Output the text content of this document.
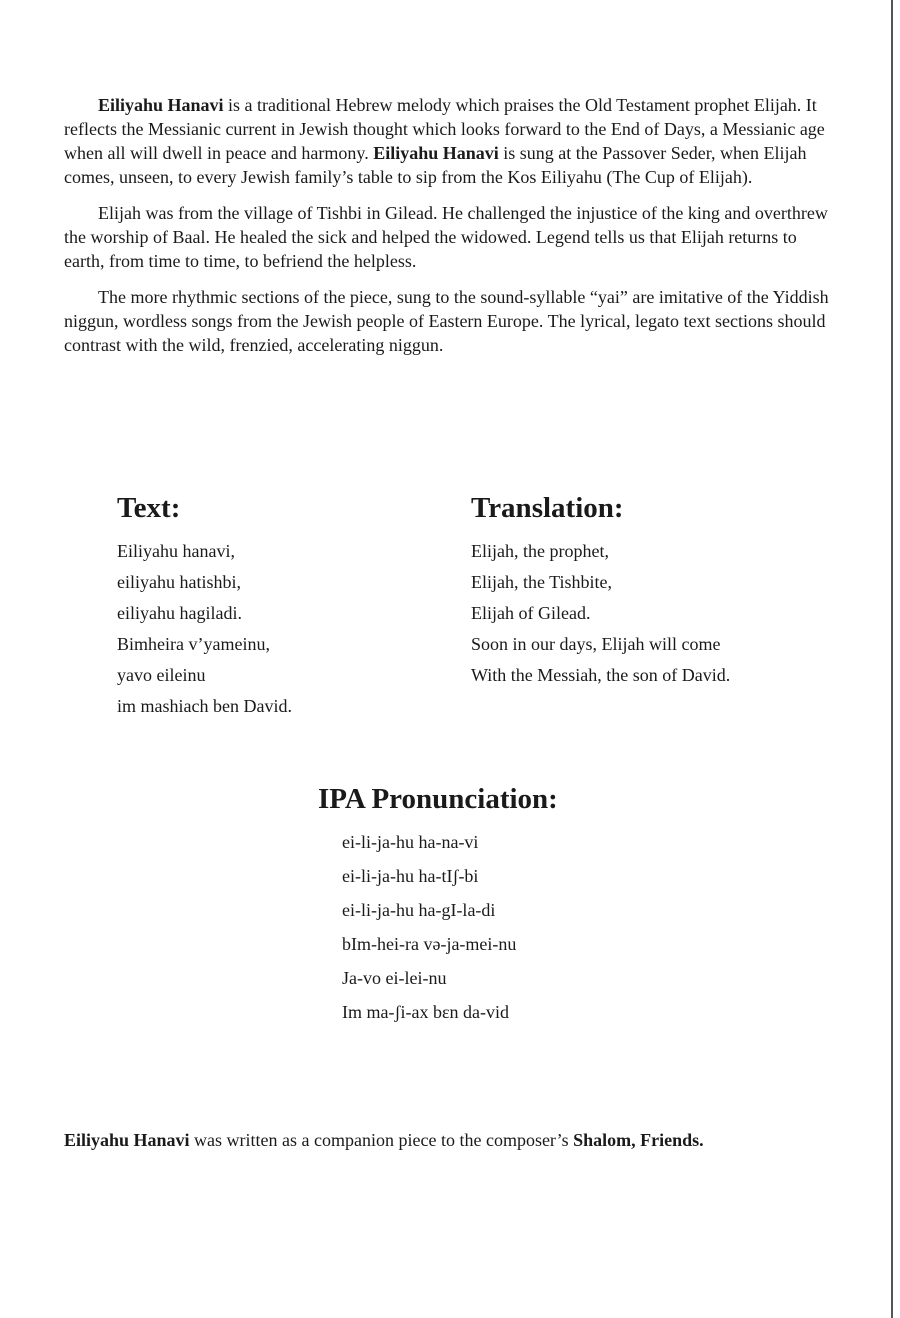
Eiliyahu Hanavi is a traditional Hebrew melody which praises the Old Testament prophet Elijah. It reflects the Messianic current in Jewish thought which looks forward to the End of Days, a Messianic age when all will dwell in peace and harmony. Eiliyahu Hanavi is sung at the Passover Seder, when Elijah comes, unseen, to every Jewish family’s table to sip from the Kos Eiliyahu (The Cup of Elijah).

Elijah was from the village of Tishbi in Gilead. He challenged the injustice of the king and overthrew the worship of Baal. He healed the sick and helped the widowed. Legend tells us that Elijah returns to earth, from time to time, to befriend the helpless.

The more rhythmic sections of the piece, sung to the sound-syllable “yai” are imitative of the Yiddish niggun, wordless songs from the Jewish people of Eastern Europe. The lyrical, legato text sections should contrast with the wild, frenzied, accelerating niggun.

Text:
Eiliyahu hanavi,
eiliyahu hatishbi,
eiliyahu hagiladi.
Bimheira v’yameinu,
yavo eileinu
im mashiach ben David.
Translation:
Elijah, the prophet,
Elijah, the Tishbite,
Elijah of Gilead.
Soon in our days, Elijah will come
With the Messiah, the son of David.
IPA Pronunciation:
ei-li-ja-hu ha-na-vi
ei-li-ja-hu ha-tIʃ-bi
ei-li-ja-hu ha-gI-la-di
bIm-hei-ra və-ja-mei-nu
Ja-vo ei-lei-nu
Im ma-ʃi-ax bɛn da-vid
Eiliyahu Hanavi was written as a companion piece to the composer’s Shalom, Friends.
